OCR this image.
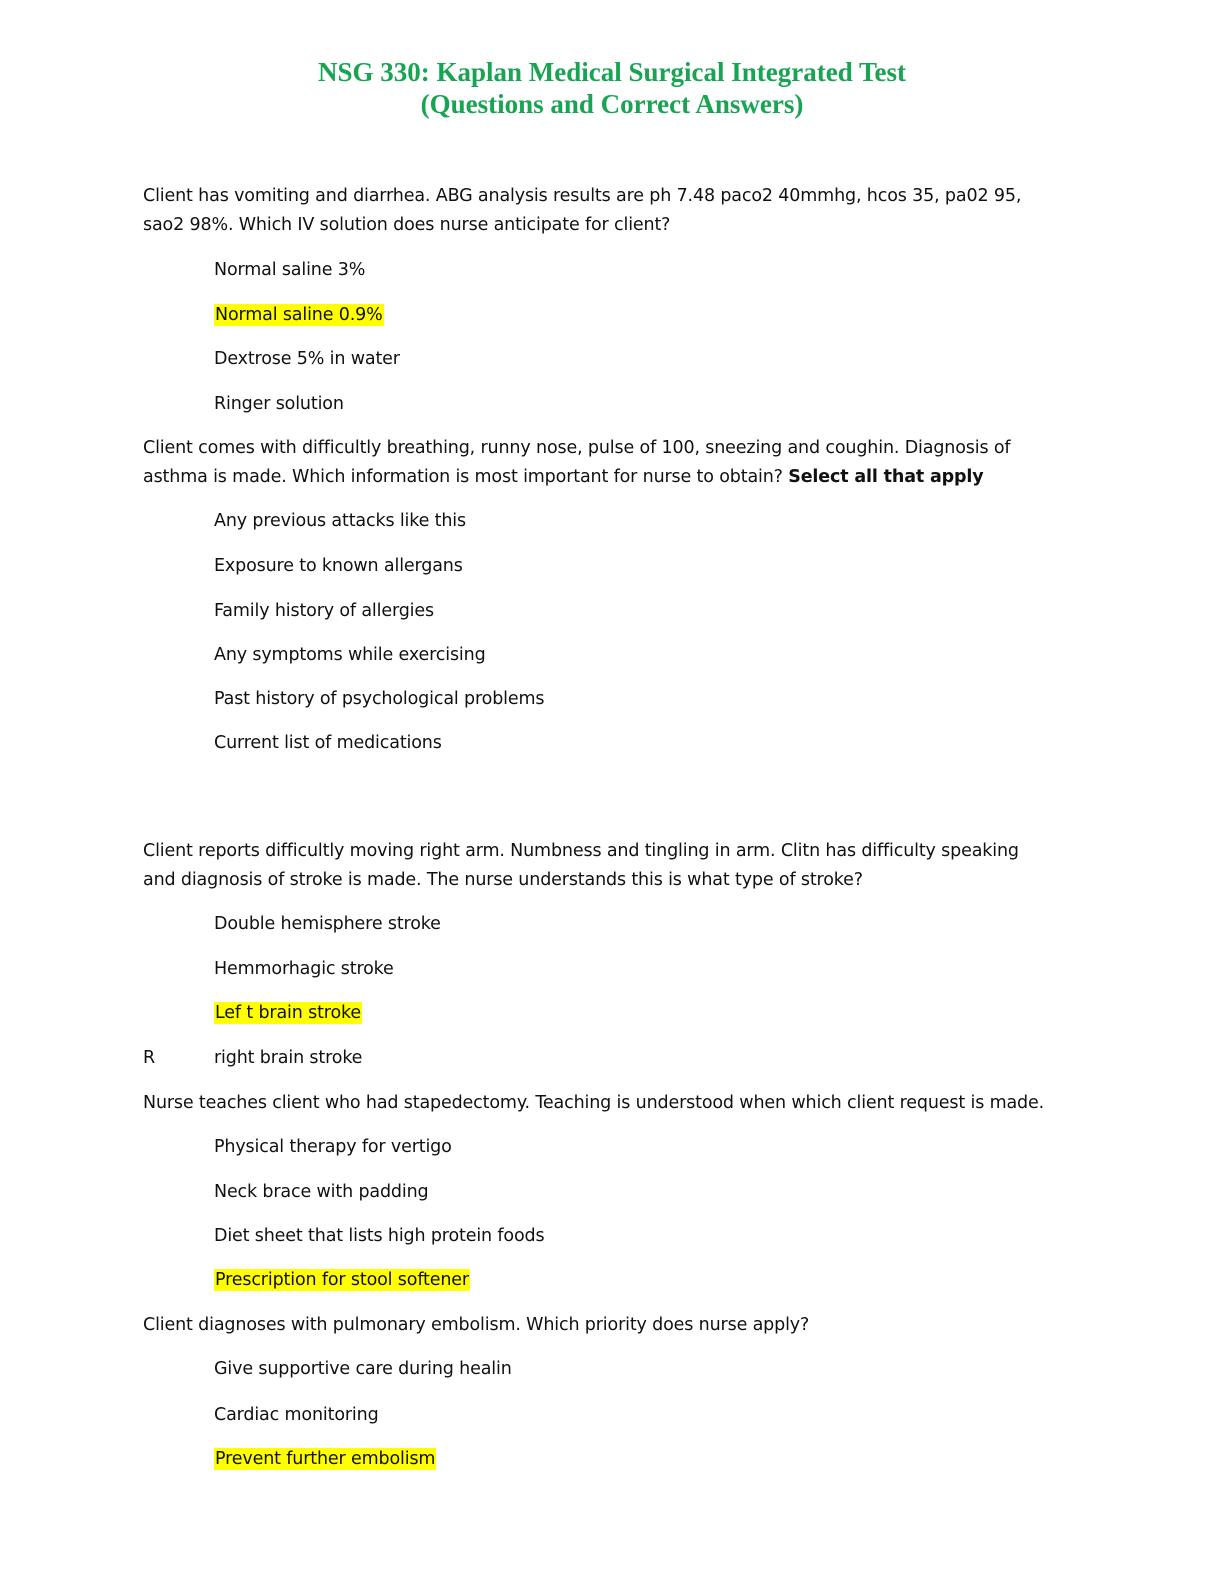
NSG 330: Kaplan Medical Surgical Integrated Test
(Questions and Correct Answers)
Client has vomiting and diarrhea. ABG analysis results are ph 7.48 paco2 40mmhg, hcos 35, pa02 95,
sao2 98%. Which IV solution does nurse anticipate for client?
Normal saline 3%
Normal saline 0.9%
Dextrose 5% in water
Ringer solution
Client comes with difficultly breathing, runny nose, pulse of 100, sneezing and coughin. Diagnosis of
asthma is made. Which information is most important for nurse to obtain? Select all that apply
Any previous attacks like this
Exposure to known allergans
Family history of allergies
Any symptoms while exercising
Past history of psychological problems
Current list of medications
Client reports difficultly moving right arm. Numbness and tingling in arm. Clitn has difficulty speaking
and diagnosis of stroke is made. The nurse understands this is what type of stroke?
Double hemisphere stroke
Hemmorhagic stroke
Lef t brain stroke
R	right brain stroke
Nurse teaches client who had stapedectomy. Teaching is understood when which client request is made.
Physical therapy for vertigo
Neck brace with padding
Diet sheet that lists high protein foods
Prescription for stool softener
Client diagnoses with pulmonary embolism. Which priority does nurse apply?
Give supportive care during healin
Cardiac monitoring
Prevent further embolism
